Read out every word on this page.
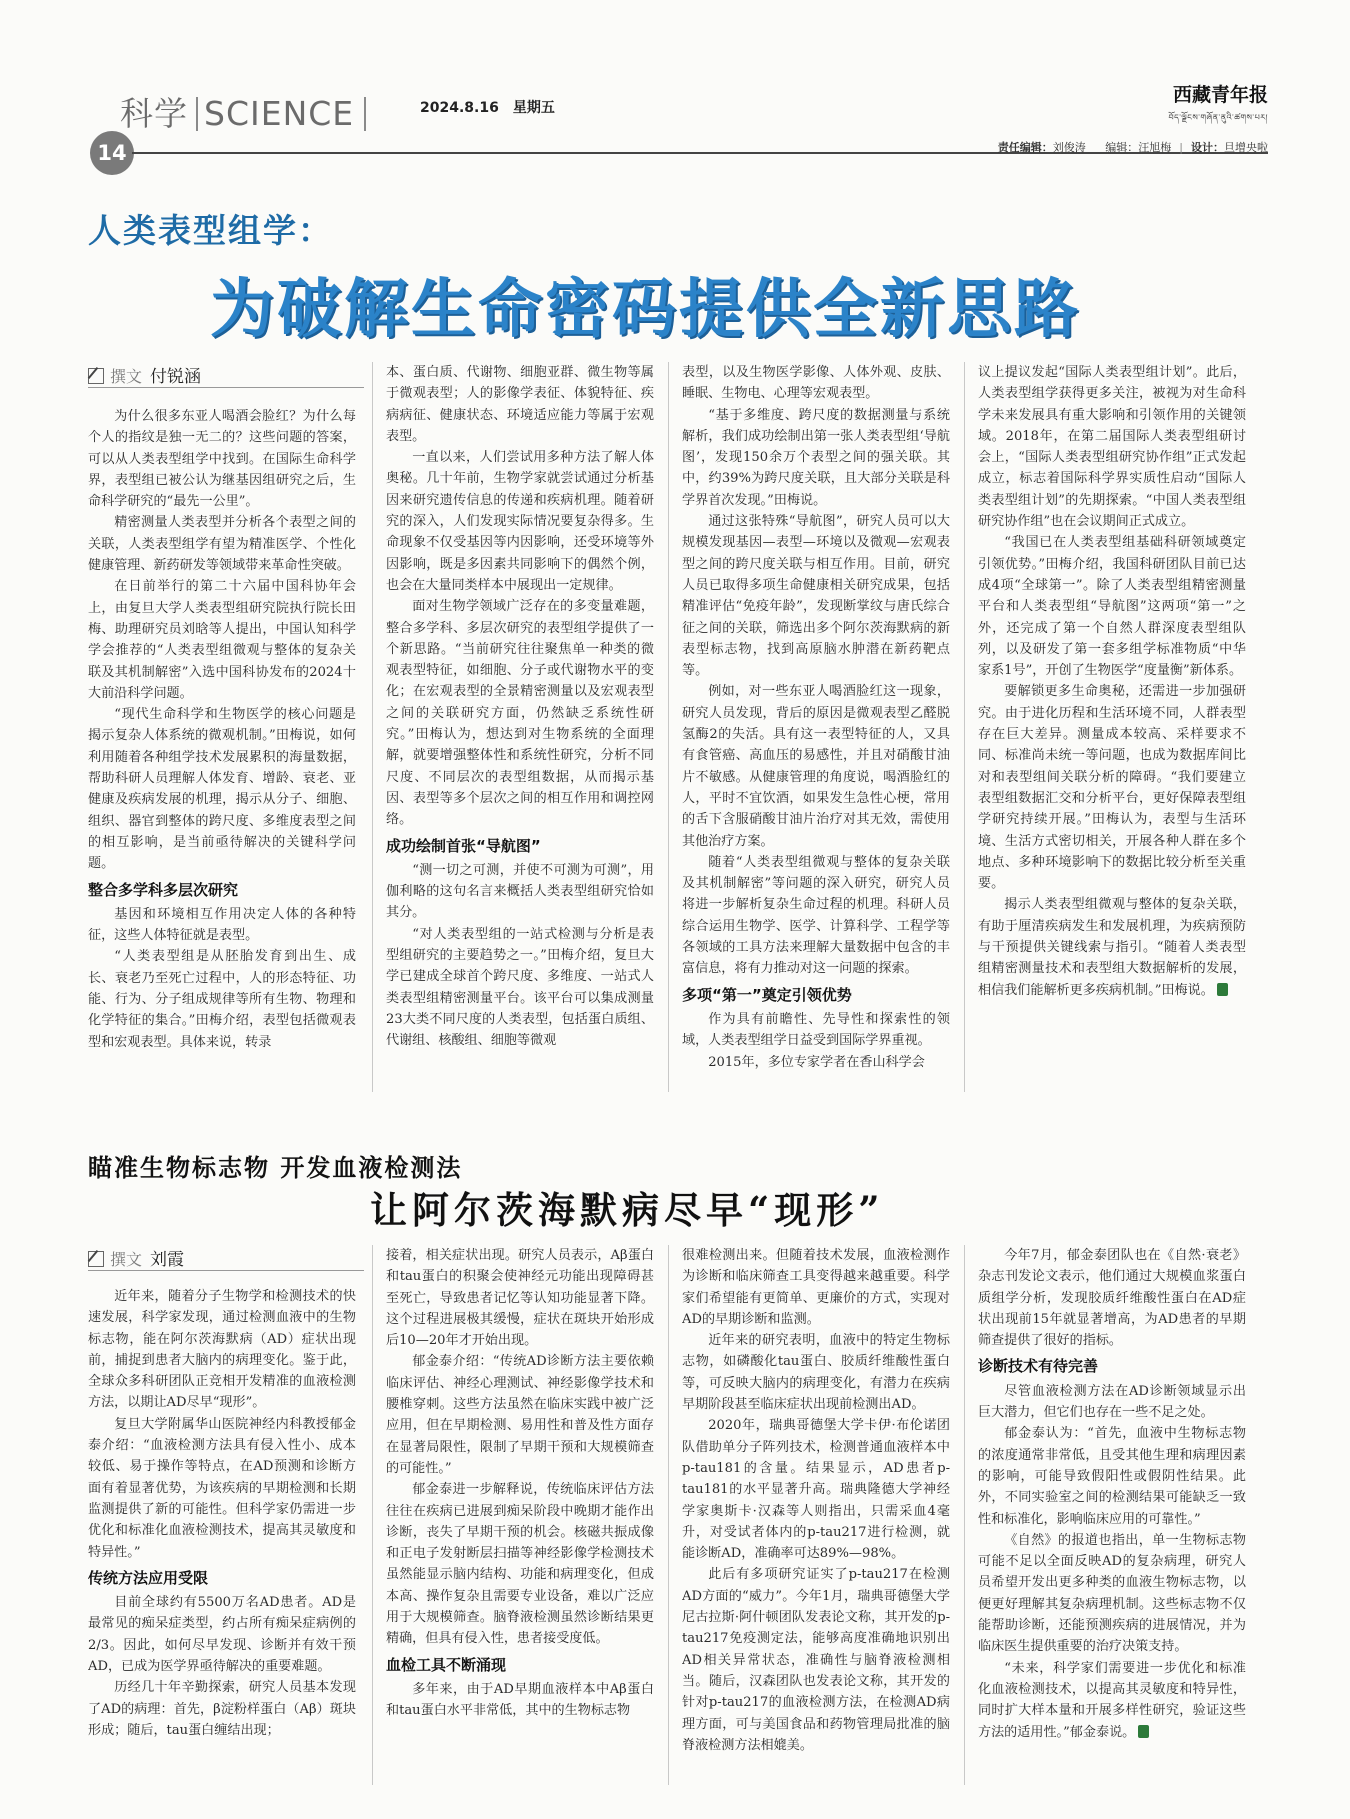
科学 SCIENCE
14
2024.8.16 星期五
西藏青年报
བོད་ལྗོངས་གཞོན་ནུའི་ཚགས་པར།
责任编辑：刘俊涛 编辑：汪旭梅 | 设计：旦增央啦
人类表型组学：
为破解生命密码提供全新思路
撰文 付锐涵

为什么很多东亚人喝酒会脸红？为什么每个人的指纹是独一无二的？这些问题的答案，可以从人类表型组学中找到。在国际生命科学界，表型组已被公认为继基因组研究之后，生命科学研究的“最先一公里”。

精密测量人类表型并分析各个表型之间的关联，人类表型组学有望为精准医学、个性化健康管理、新药研发等领域带来革命性突破。

在日前举行的第二十六届中国科协年会上，由复旦大学人类表型组研究院执行院长田梅、助理研究员刘晗等人提出，中国认知科学学会推荐的“人类表型组微观与整体的复杂关联及其机制解密”入选中国科协发布的2024十大前沿科学问题。

“现代生命科学和生物医学的核心问题是揭示复杂人体系统的微观机制。”田梅说，如何利用随着各种组学技术发展累积的海量数据，帮助科研人员理解人体发育、增龄、衰老、亚健康及疾病发展的机理，揭示从分子、细胞、组织、器官到整体的跨尺度、多维度表型之间的相互影响，是当前亟待解决的关键科学问题。

整合多学科多层次研究

基因和环境相互作用决定人体的各种特征，这些人体特征就是表型。

“人类表型组是从胚胎发育到出生、成长、衰老乃至死亡过程中，人的形态特征、功能、行为、分子组成规律等所有生物、物理和化学特征的集合。”田梅介绍，表型包括微观表型和宏观表型。具体来说，转录

本、蛋白质、代谢物、细胞亚群、微生物等属于微观表型；人的影像学表征、体貌特征、疾病病征、健康状态、环境适应能力等属于宏观表型。

一直以来，人们尝试用多种方法了解人体奥秘。几十年前，生物学家就尝试通过分析基因来研究遗传信息的传递和疾病机理。随着研究的深入，人们发现实际情况要复杂得多。生命现象不仅受基因等内因影响，还受环境等外因影响，既是多因素共同影响下的偶然个例，也会在大量同类样本中展现出一定规律。

面对生物学领域广泛存在的多变量难题，整合多学科、多层次研究的表型组学提供了一个新思路。“当前研究往往聚焦单一种类的微观表型特征，如细胞、分子或代谢物水平的变化；在宏观表型的全景精密测量以及宏观表型之间的关联研究方面，仍然缺乏系统性研究。”田梅认为，想达到对生物系统的全面理解，就要增强整体性和系统性研究，分析不同尺度、不同层次的表型组数据，从而揭示基因、表型等多个层次之间的相互作用和调控网络。

成功绘制首张“导航图”

“测一切之可测，并使不可测为可测”，用伽利略的这句名言来概括人类表型组研究恰如其分。

“对人类表型组的一站式检测与分析是表型组研究的主要趋势之一。”田梅介绍，复旦大学已建成全球首个跨尺度、多维度、一站式人类表型组精密测量平台。该平台可以集成测量23大类不同尺度的人类表型，包括蛋白质组、代谢组、核酸组、细胞等微观

表型，以及生物医学影像、人体外观、皮肤、睡眠、生物电、心理等宏观表型。

“基于多维度、跨尺度的数据测量与系统解析，我们成功绘制出第一张人类表型组‘导航图’，发现150余万个表型之间的强关联。其中，约39%为跨尺度关联，且大部分关联是科学界首次发现。”田梅说。

通过这张特殊“导航图”，研究人员可以大规模发现基因—表型—环境以及微观—宏观表型之间的跨尺度关联与相互作用。目前，研究人员已取得多项生命健康相关研究成果，包括精准评估“免疫年龄”，发现断掌纹与唐氏综合征之间的关联，筛选出多个阿尔茨海默病的新表型标志物，找到高原脑水肿潜在新药靶点等。

例如，对一些东亚人喝酒脸红这一现象，研究人员发现，背后的原因是微观表型乙醛脱氢酶2的失活。具有这一表型特征的人，又具有食管癌、高血压的易感性，并且对硝酸甘油片不敏感。从健康管理的角度说，喝酒脸红的人，平时不宜饮酒，如果发生急性心梗，常用的舌下含服硝酸甘油片治疗对其无效，需使用其他治疗方案。

随着“人类表型组微观与整体的复杂关联及其机制解密”等问题的深入研究，研究人员将进一步解析复杂生命过程的机理。科研人员综合运用生物学、医学、计算科学、工程学等各领域的工具方法来理解大量数据中包含的丰富信息，将有力推动对这一问题的探索。

多项“第一”奠定引领优势

作为具有前瞻性、先导性和探索性的领域，人类表型组学日益受到国际学界重视。

2015年，多位专家学者在香山科学会

议上提议发起“国际人类表型组计划”。此后，人类表型组学获得更多关注，被视为对生命科学未来发展具有重大影响和引领作用的关键领域。2018年，在第二届国际人类表型组研讨会上，“国际人类表型组研究协作组”正式发起成立，标志着国际科学界实质性启动“国际人类表型组计划”的先期探索。“中国人类表型组研究协作组”也在会议期间正式成立。

“我国已在人类表型组基础科研领域奠定引领优势。”田梅介绍，我国科研团队目前已达成4项“全球第一”。除了人类表型组精密测量平台和人类表型组“导航图”这两项“第一”之外，还完成了第一个自然人群深度表型组队列，以及研发了第一套多组学标准物质“中华家系1号”，开创了生物医学“度量衡”新体系。

要解锁更多生命奥秘，还需进一步加强研究。由于进化历程和生活环境不同，人群表型存在巨大差异。测量成本较高、采样要求不同、标准尚未统一等问题，也成为数据库间比对和表型组间关联分析的障碍。“我们要建立表型组数据汇交和分析平台，更好保障表型组学研究持续开展。”田梅认为，表型与生活环境、生活方式密切相关，开展各种人群在多个地点、多种环境影响下的数据比较分析至关重要。

揭示人类表型组微观与整体的复杂关联，有助于厘清疾病发生和发展机理，为疾病预防与干预提供关键线索与指引。“随着人类表型组精密测量技术和表型组大数据解析的发展，相信我们能解析更多疾病机制。”田梅说。

瞄准生物标志物 开发血液检测法
让阿尔茨海默病尽早“现形”
撰文 刘霞

近年来，随着分子生物学和检测技术的快速发展，科学家发现，通过检测血液中的生物标志物，能在阿尔茨海默病（AD）症状出现前，捕捉到患者大脑内的病理变化。鉴于此，全球众多科研团队正竞相开发精准的血液检测方法，以期让AD尽早“现形”。

复旦大学附属华山医院神经内科教授郁金泰介绍：“血液检测方法具有侵入性小、成本较低、易于操作等特点，在AD预测和诊断方面有着显著优势，为该疾病的早期检测和长期监测提供了新的可能性。但科学家仍需进一步优化和标准化血液检测技术，提高其灵敏度和特异性。”

传统方法应用受限

目前全球约有5500万名AD患者。AD是最常见的痴呆症类型，约占所有痴呆症病例的2/3。因此，如何尽早发现、诊断并有效干预AD，已成为医学界亟待解决的重要难题。

历经几十年辛勤探索，研究人员基本发现了AD的病理：首先，β淀粉样蛋白（Aβ）斑块形成；随后，tau蛋白缠结出现；

接着，相关症状出现。研究人员表示，Aβ蛋白和tau蛋白的积聚会使神经元功能出现障碍甚至死亡，导致患者记忆等认知功能显著下降。这个过程进展极其缓慢，症状在斑块开始形成后10—20年才开始出现。

郁金泰介绍：“传统AD诊断方法主要依赖临床评估、神经心理测试、神经影像学技术和腰椎穿刺。这些方法虽然在临床实践中被广泛应用，但在早期检测、易用性和普及性方面存在显著局限性，限制了早期干预和大规模筛查的可能性。”

郁金泰进一步解释说，传统临床评估方法往往在疾病已进展到痴呆阶段中晚期才能作出诊断，丧失了早期干预的机会。核磁共振成像和正电子发射断层扫描等神经影像学检测技术虽然能显示脑内结构、功能和病理变化，但成本高、操作复杂且需要专业设备，难以广泛应用于大规模筛查。脑脊液检测虽然诊断结果更精确，但具有侵入性，患者接受度低。

血检工具不断涌现

多年来，由于AD早期血液样本中Aβ蛋白和tau蛋白水平非常低，其中的生物标志物

很难检测出来。但随着技术发展，血液检测作为诊断和临床筛查工具变得越来越重要。科学家们希望能有更简单、更廉价的方式，实现对AD的早期诊断和监测。

近年来的研究表明，血液中的特定生物标志物，如磷酸化tau蛋白、胶质纤维酸性蛋白等，可反映大脑内的病理变化，有潜力在疾病早期阶段甚至临床症状出现前检测出AD。

2020年，瑞典哥德堡大学卡伊·布伦诺团队借助单分子阵列技术，检测普通血液样本中p-tau181的含量。结果显示，AD患者p-tau181的水平显著升高。瑞典隆德大学神经学家奥斯卡·汉森等人则指出，只需采血4毫升，对受试者体内的p-tau217进行检测，就能诊断AD，准确率可达89%—98%。

此后有多项研究证实了p-tau217在检测AD方面的“威力”。今年1月，瑞典哥德堡大学尼古拉斯·阿什顿团队发表论文称，其开发的p-tau217免疫测定法，能够高度准确地识别出AD相关异常状态，准确性与脑脊液检测相当。随后，汉森团队也发表论文称，其开发的针对p-tau217的血液检测方法，在检测AD病理方面，可与美国食品和药物管理局批准的脑脊液检测方法相媲美。

今年7月，郁金泰团队也在《自然·衰老》杂志刊发论文表示，他们通过大规模血浆蛋白质组学分析，发现胶质纤维酸性蛋白在AD症状出现前15年就显著增高，为AD患者的早期筛查提供了很好的指标。

诊断技术有待完善

尽管血液检测方法在AD诊断领域显示出巨大潜力，但它们也存在一些不足之处。

郁金泰认为：“首先，血液中生物标志物的浓度通常非常低，且受其他生理和病理因素的影响，可能导致假阳性或假阴性结果。此外，不同实验室之间的检测结果可能缺乏一致性和标准化，影响临床应用的可靠性。”

《自然》的报道也指出，单一生物标志物可能不足以全面反映AD的复杂病理，研究人员希望开发出更多种类的血液生物标志物，以便更好理解其复杂病理机制。这些标志物不仅能帮助诊断，还能预测疾病的进展情况，并为临床医生提供重要的治疗决策支持。

“未来，科学家们需要进一步优化和标准化血液检测技术，以提高其灵敏度和特异性，同时扩大样本量和开展多样性研究，验证这些方法的适用性。”郁金泰说。
